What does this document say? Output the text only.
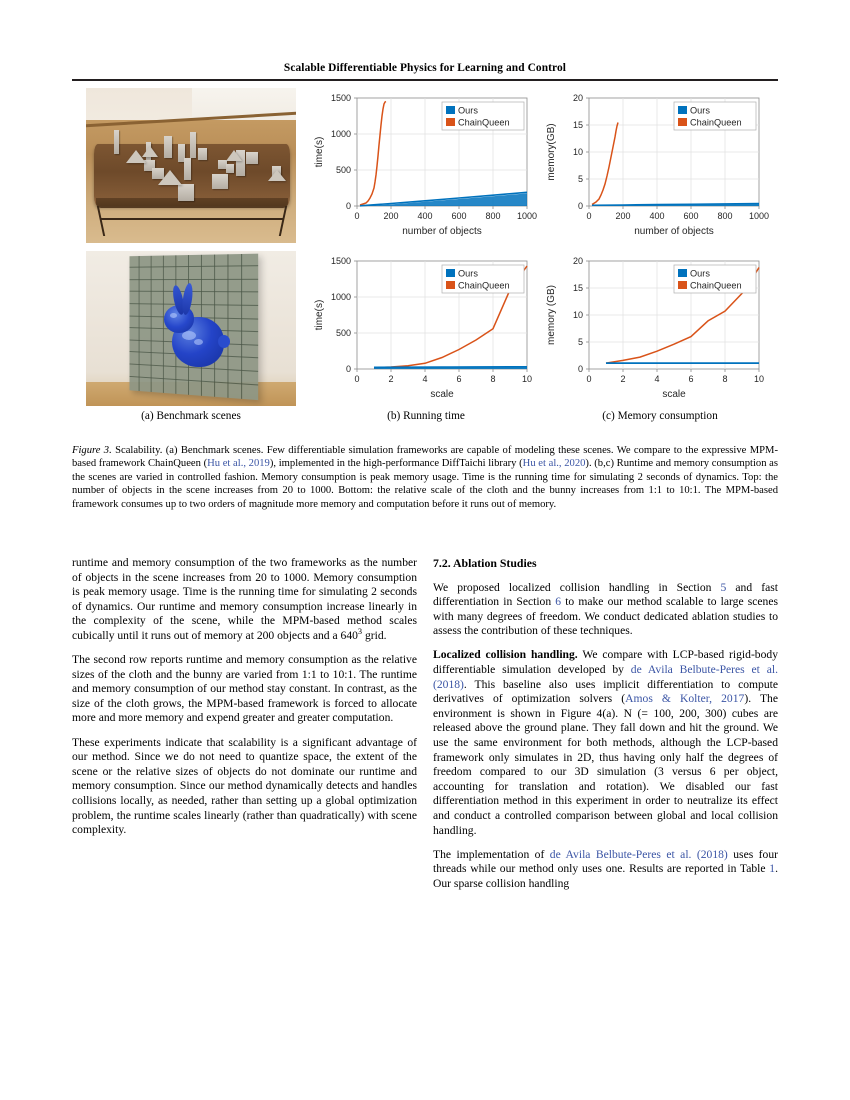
Scalable Differentiable Physics for Learning and Control
0	200 400 600 800 1000
0
500
1000
1500
number of objects
time(s)
Ours
ChainQueen
0	200 400 600 800 1000
0
5
10
15
20
number of objects
memory(GB)
Ours
ChainQueen
0	2	4	6	8	10
0
500
1000
1500
scale
time(s)
Ours
ChainQueen
0	2	4	6	8	10
0
5
10
15
20
scale
memory (GB)
Ours
ChainQueen
(a) Benchmark scenes	(b) Running time	(c) Memory consumption
Figure 3. Scalability. (a) Benchmark scenes. Few differentiable simulation frameworks are capable of modeling these scenes. We compare to the expressive MPM-based framework ChainQueen (Hu et al., 2019), implemented in the high-performance DiffTaichi library (Hu et al., 2020). (b,c) Runtime and memory consumption as the scenes are varied in controlled fashion. Memory consumption is peak memory usage. Time is the running time for simulating 2 seconds of dynamics. Top: the number of objects in the scene increases from 20 to 1000. Bottom: the relative scale of the cloth and the bunny increases from 1:1 to 10:1. The MPM-based framework consumes up to two orders of magnitude more memory and computation before it runs out of memory.

runtime and memory consumption of the two frameworks as the number of objects in the scene increases from 20 to 1000. Memory consumption is peak memory usage. Time is the running time for simulating 2 seconds of dynamics. Our runtime and memory consumption increase linearly in the complexity of the scene, while the MPM-based method scales cubically until it runs out of memory at 200 objects and a $640^3$ grid.

The second row reports runtime and memory consumption as the relative sizes of the cloth and the bunny are varied from 1:1 to 10:1. The runtime and memory consumption of our method stay constant. In contrast, as the size of the cloth grows, the MPM-based framework is forced to allocate more and more memory and expend greater and greater computation.

These experiments indicate that scalability is a significant advantage of our method. Since we do not need to quantize space, the extent of the scene or the relative sizes of objects do not dominate our runtime and memory consumption. Since our method dynamically detects and handles collisions locally, as needed, rather than setting up a global optimization problem, the runtime scales linearly (rather than quadratically) with scene complexity.

7.2. Ablation Studies

We proposed localized collision handling in Section 5 and fast differentiation in Section 6 to make our method scalable to large scenes with many degrees of freedom. We conduct dedicated ablation studies to assess the contribution of these techniques.

Localized collision handling. We compare with LCP-based rigid-body differentiable simulation developed by de Avila Belbute-Peres et al. (2018). This baseline also uses implicit differentiation to compute derivatives of optimization solvers (Amos & Kolter, 2017). The environment is shown in Figure 4(a). N (= 100, 200, 300) cubes are released above the ground plane. They fall down and hit the ground. We use the same environment for both methods, although the LCP-based framework only simulates in 2D, thus having only half the degrees of freedom compared to our 3D simulation (3 versus 6 per object, accounting for translation and rotation). We disabled our fast differentiation method in this experiment in order to neutralize its effect and conduct a controlled comparison between global and local collision handling.

The implementation of de Avila Belbute-Peres et al. (2018) uses four threads while our method only uses one. Results are reported in Table 1. Our sparse collision handling
